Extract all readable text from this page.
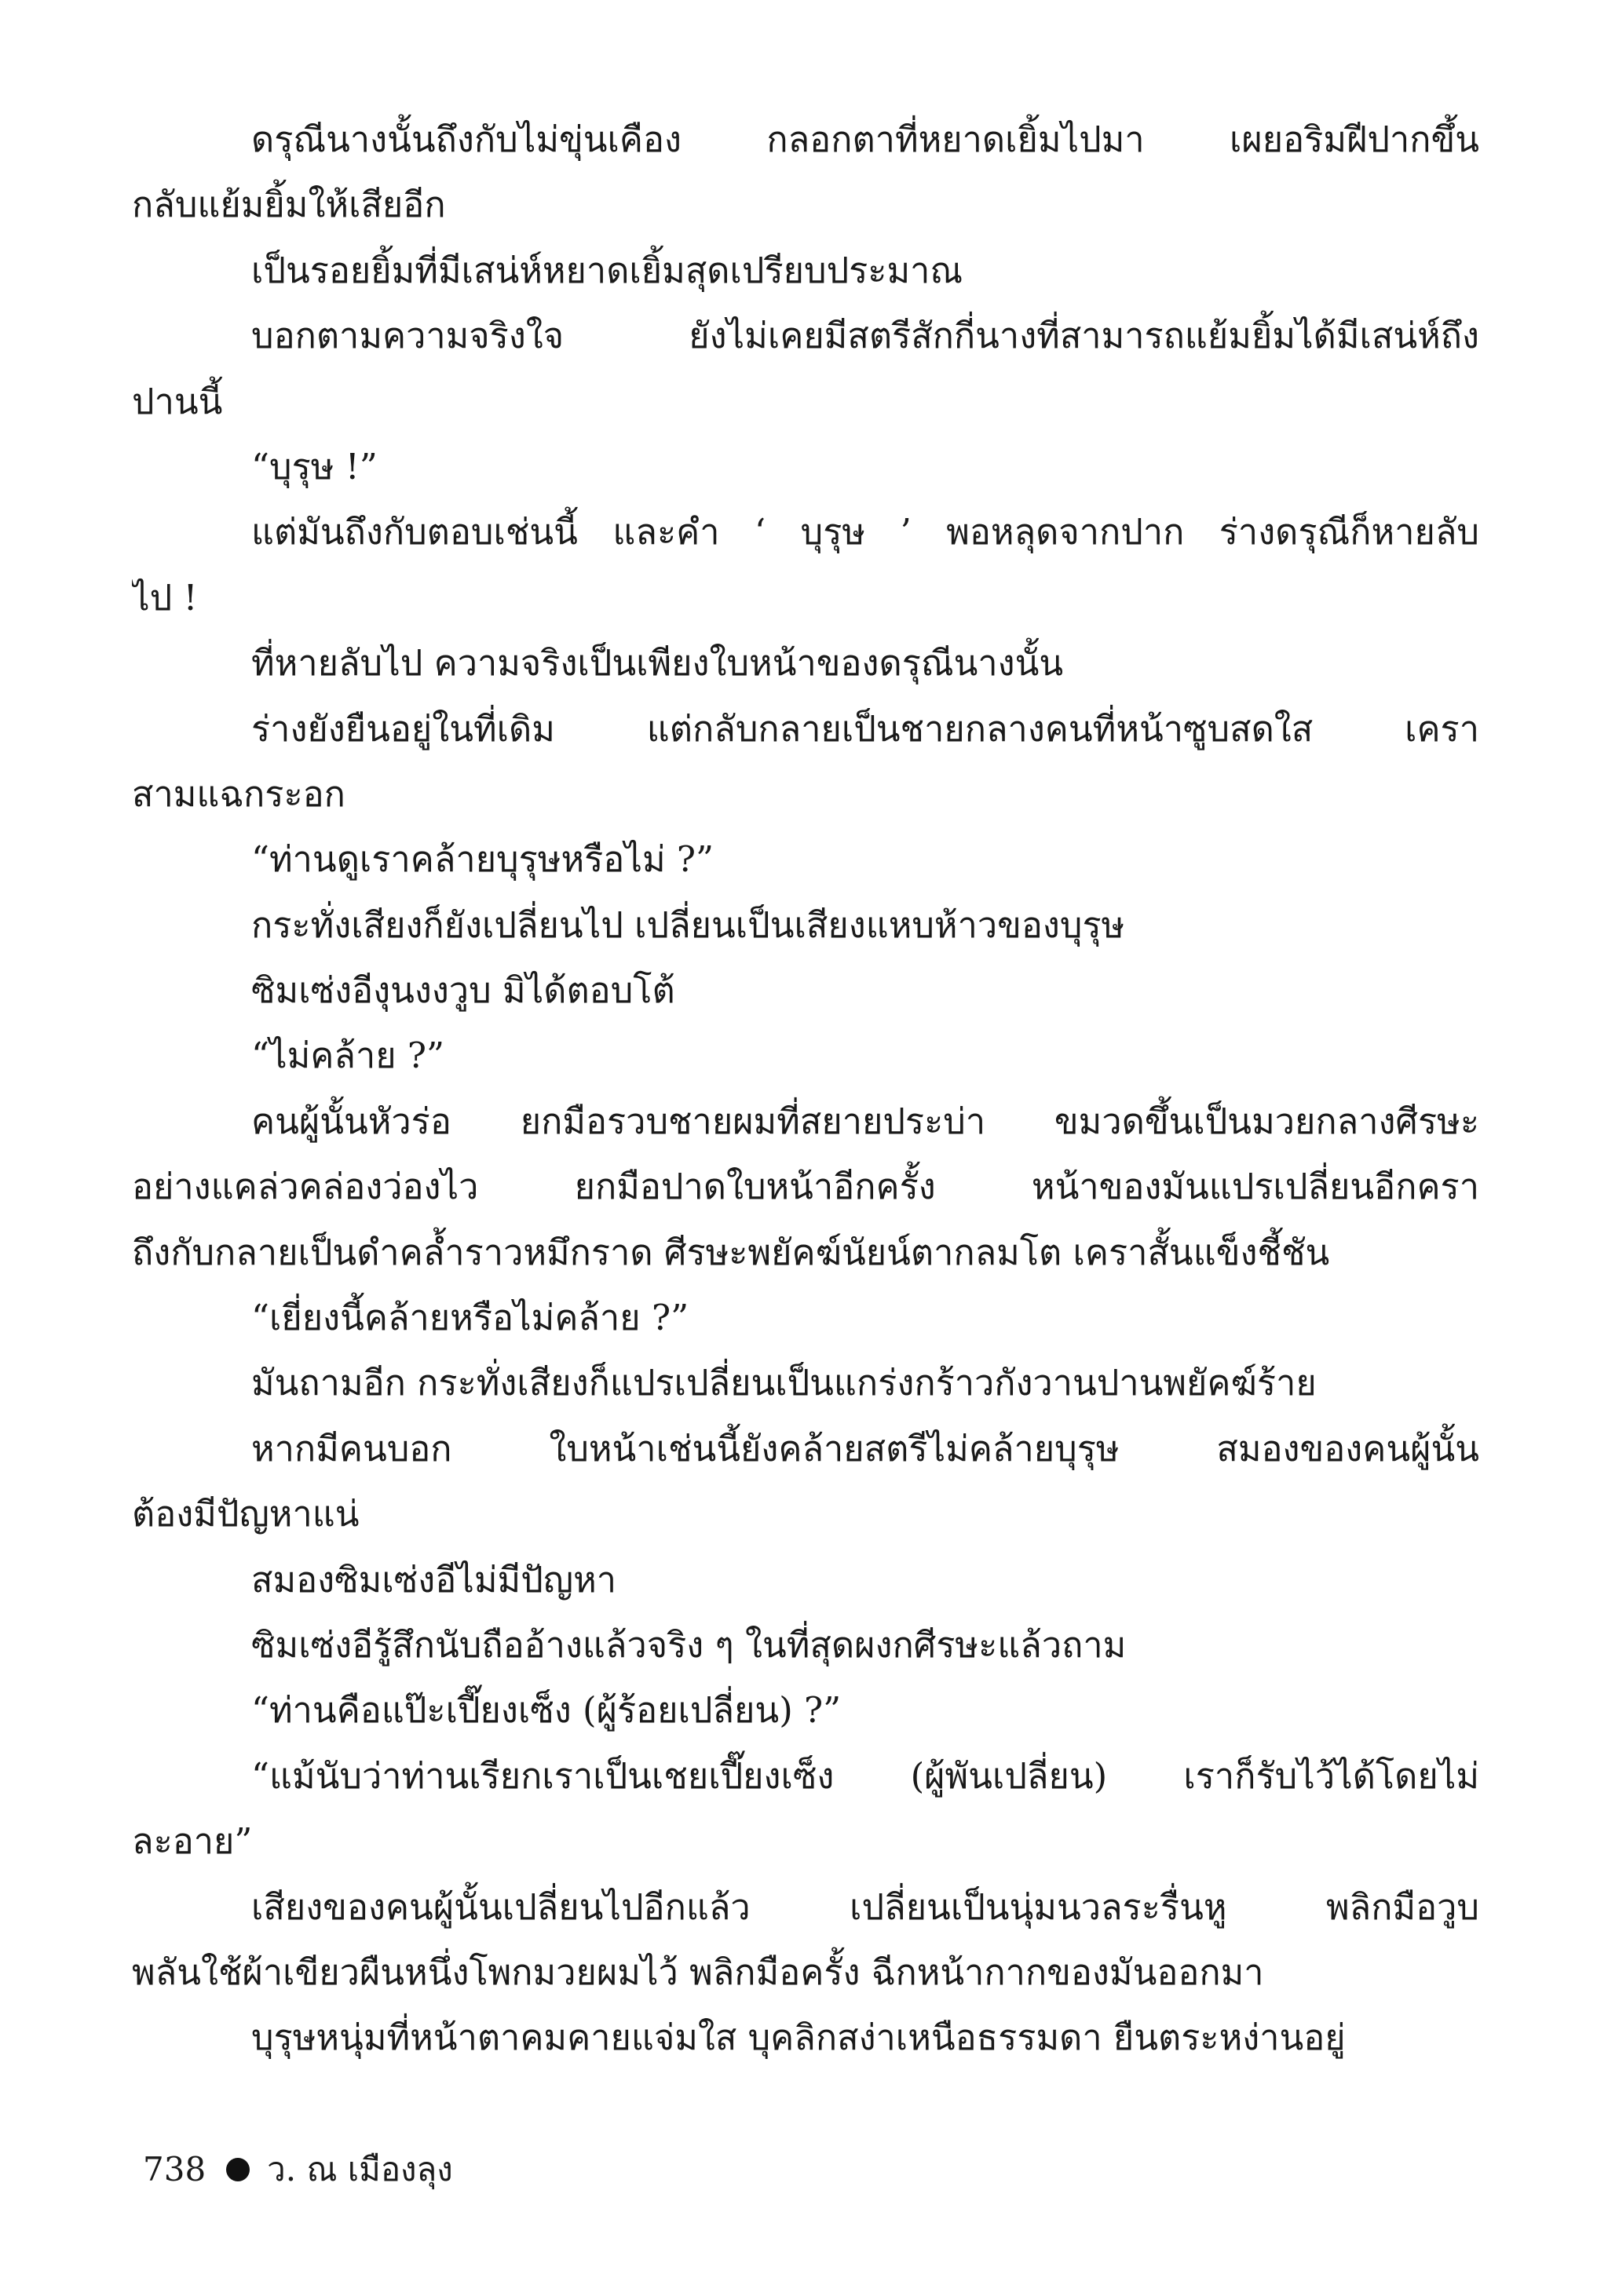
ดรุณีนางนั้นถึงกับไม่ขุ่นเคือง กลอกตาที่หยาดเยิ้มไปมา เผยอริมฝีปากขึ้น
กลับแย้มยิ้มให้เสียอีก
เป็นรอยยิ้มที่มีเสน่ห์หยาดเยิ้มสุดเปรียบประมาณ
บอกตามความจริงใจ ยังไม่เคยมีสตรีสักกี่นางที่สามารถแย้มยิ้มได้มีเสน่ห์ถึง
ปานนี้
“บุรุษ !”
แต่มันถึงกับตอบเช่นนี้ และคำ ‘ บุรุษ ’ พอหลุดจากปาก ร่างดรุณีก็หายลับ
ไป !
ที่หายลับไป ความจริงเป็นเพียงใบหน้าของดรุณีนางนั้น
ร่างยังยืนอยู่ในที่เดิม แต่กลับกลายเป็นชายกลางคนที่หน้าซูบสดใส เครา
สามแฉกระอก
“ท่านดูเราคล้ายบุรุษหรือไม่ ?”
กระทั่งเสียงก็ยังเปลี่ยนไป เปลี่ยนเป็นเสียงแหบห้าวของบุรุษ
ซิมเซ่งอีงุนงงวูบ มิได้ตอบโต้
“ไม่คล้าย ?”
คนผู้นั้นหัวร่อ ยกมือรวบชายผมที่สยายประบ่า ขมวดขึ้นเป็นมวยกลางศีรษะ
อย่างแคล่วคล่องว่องไว ยกมือปาดใบหน้าอีกครั้ง หน้าของมันแปรเปลี่ยนอีกครา
ถึงกับกลายเป็นดำคล้ำราวหมึกราด ศีรษะพยัคฆ์นัยน์ตากลมโต เคราสั้นแข็งชี้ชัน
“เยี่ยงนี้คล้ายหรือไม่คล้าย ?”
มันถามอีก กระทั่งเสียงก็แปรเปลี่ยนเป็นแกร่งกร้าวกังวานปานพยัคฆ์ร้าย
หากมีคนบอก ใบหน้าเช่นนี้ยังคล้ายสตรีไม่คล้ายบุรุษ สมองของคนผู้นั้น
ต้องมีปัญหาแน่
สมองซิมเซ่งอีไม่มีปัญหา
ซิมเซ่งอีรู้สึกนับถืออ้างแล้วจริง ๆ ในที่สุดผงกศีรษะแล้วถาม
“ท่านคือแป๊ะเปี๊ยงเซ็ง (ผู้ร้อยเปลี่ยน) ?”
“แม้นับว่าท่านเรียกเราเป็นเชยเปี๊ยงเซ็ง (ผู้พันเปลี่ยน) เราก็รับไว้ได้โดยไม่
ละอาย”
เสียงของคนผู้นั้นเปลี่ยนไปอีกแล้ว เปลี่ยนเป็นนุ่มนวลระรื่นหู พลิกมือวูบ
พลันใช้ผ้าเขียวผืนหนึ่งโพกมวยผมไว้ พลิกมือครั้ง ฉีกหน้ากากของมันออกมา
บุรุษหนุ่มที่หน้าตาคมคายแจ่มใส บุคลิกสง่าเหนือธรรมดา ยืนตระหง่านอยู่
738 ว. ณ เมืองลุง
